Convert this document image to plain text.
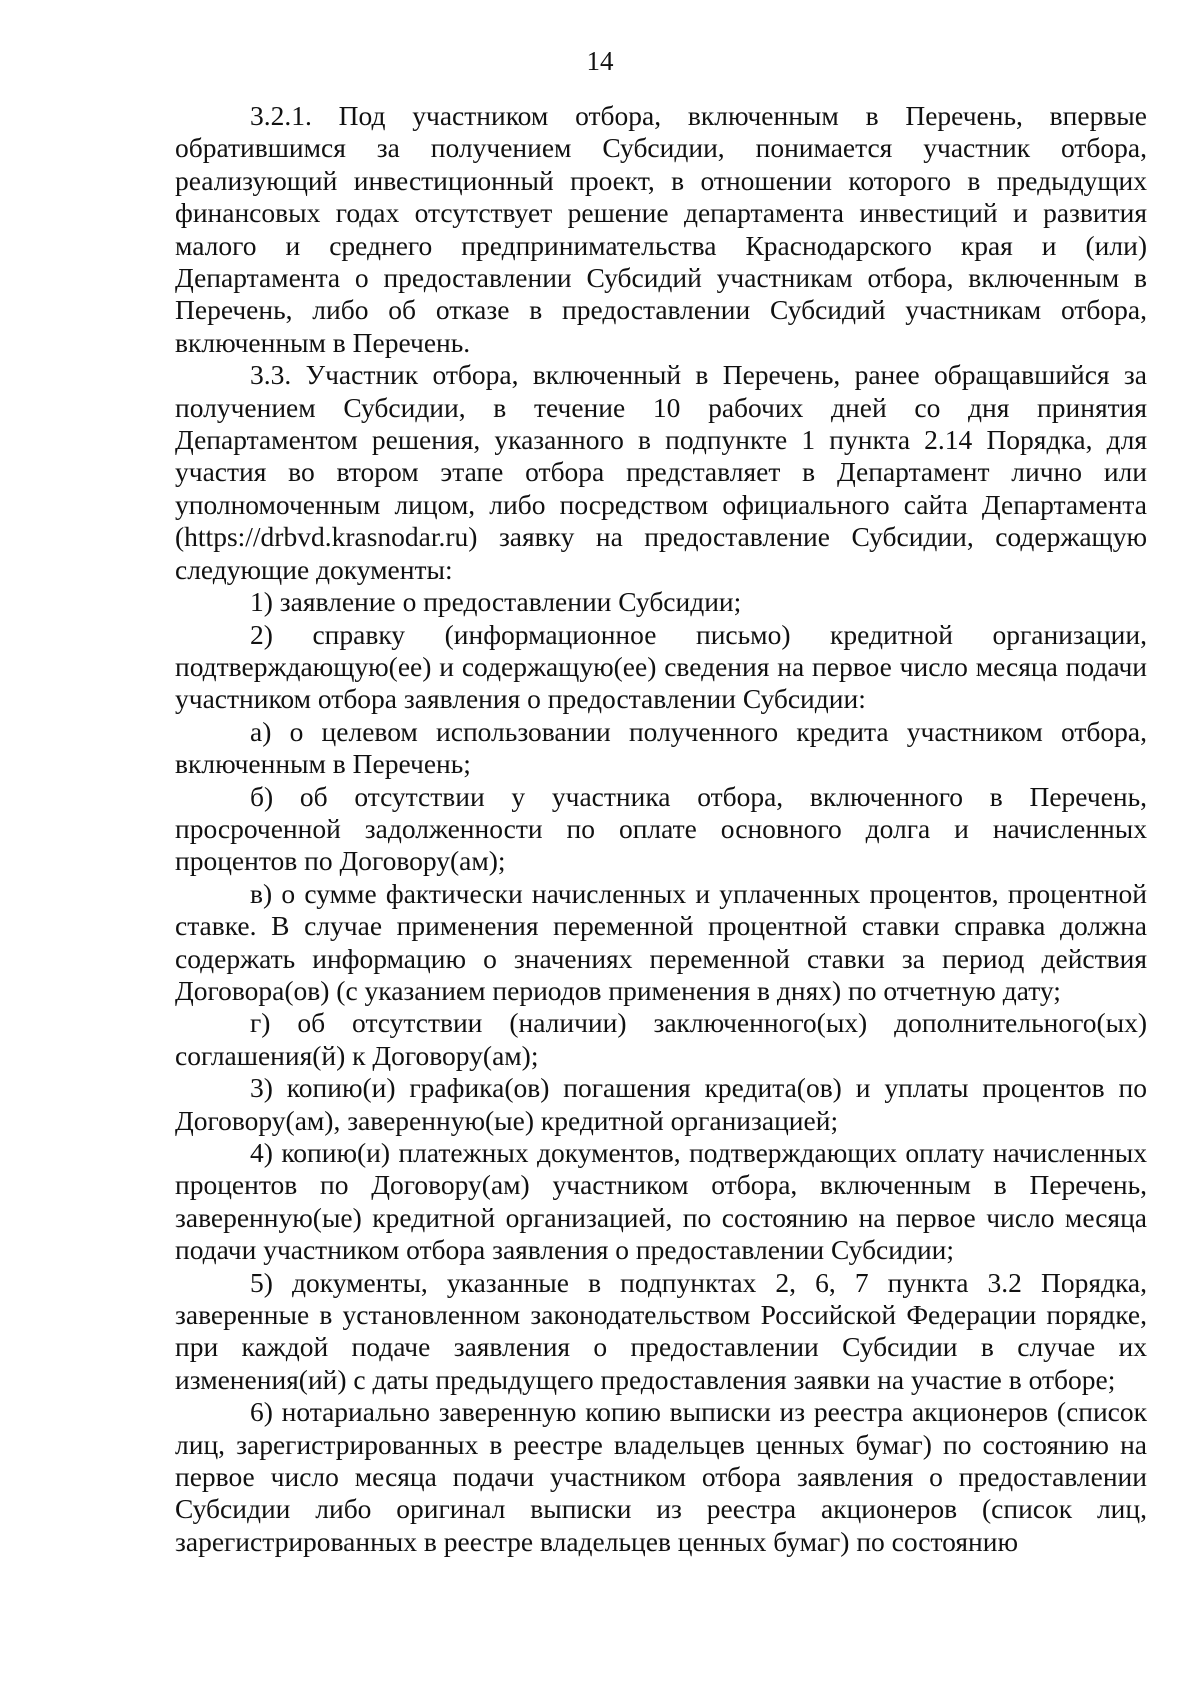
14

3.2.1. Под участником отбора, включенным в Перечень, впервые обратившимся за получением Субсидии, понимается участник отбора, реализующий инвестиционный проект, в отношении которого в предыдущих финансовых годах отсутствует решение департамента инвестиций и развития малого и среднего предпринимательства Краснодарского края и (или) Департамента о предоставлении Субсидий участникам отбора, включенным в Перечень, либо об отказе в предоставлении Субсидий участникам отбора, включенным в Перечень.

3.3. Участник отбора, включенный в Перечень, ранее обращавшийся за получением Субсидии, в течение 10 рабочих дней со дня принятия Департаментом решения, указанного в подпункте 1 пункта 2.14 Порядка, для участия во втором этапе отбора представляет в Департамент лично или уполномоченным лицом, либо посредством официального сайта Департамента (https://drbvd.krasnodar.ru) заявку на предоставление Субсидии, содержащую следующие документы:

1) заявление о предоставлении Субсидии;

2) справку (информационное письмо) кредитной организации, подтверждающую(ее) и содержащую(ее) сведения на первое число месяца подачи участником отбора заявления о предоставлении Субсидии:

а) о целевом использовании полученного кредита участником отбора, включенным в Перечень;

б) об отсутствии у участника отбора, включенного в Перечень, просроченной задолженности по оплате основного долга и начисленных процентов по Договору(ам);

в) о сумме фактически начисленных и уплаченных процентов, процентной ставке. В случае применения переменной процентной ставки справка должна содержать информацию о значениях переменной ставки за период действия Договора(ов) (с указанием периодов применения в днях) по отчетную дату;

г) об отсутствии (наличии) заключенного(ых) дополнительного(ых) соглашения(й) к Договору(ам);

3) копию(и) графика(ов) погашения кредита(ов) и уплаты процентов по Договору(ам), заверенную(ые) кредитной организацией;

4) копию(и) платежных документов, подтверждающих оплату начисленных процентов по Договору(ам) участником отбора, включенным в Перечень, заверенную(ые) кредитной организацией, по состоянию на первое число месяца подачи участником отбора заявления о предоставлении Субсидии;

5) документы, указанные в подпунктах 2, 6, 7 пункта 3.2 Порядка, заверенные в установленном законодательством Российской Федерации порядке, при каждой подаче заявления о предоставлении Субсидии в случае их изменения(ий) с даты предыдущего предоставления заявки на участие в отборе;

6) нотариально заверенную копию выписки из реестра акционеров (список лиц, зарегистрированных в реестре владельцев ценных бумаг) по состоянию на первое число месяца подачи участником отбора заявления о предоставлении Субсидии либо оригинал выписки из реестра акционеров (список лиц, зарегистрированных в реестре владельцев ценных бумаг) по состоянию
